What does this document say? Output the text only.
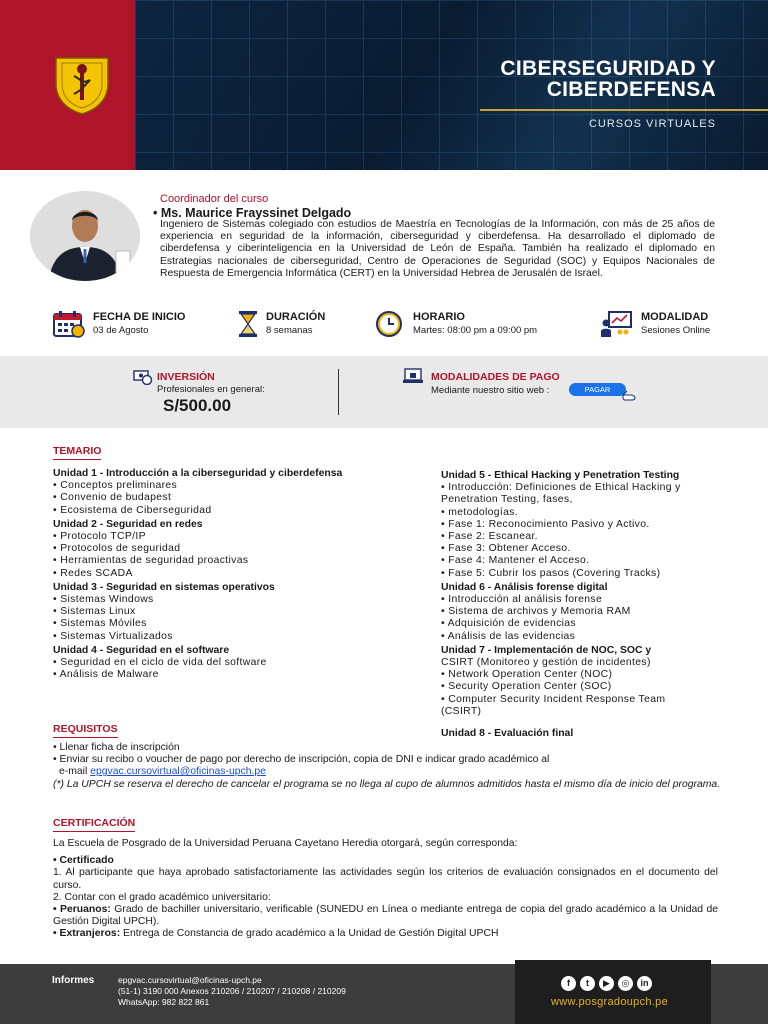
CIBERSEGURIDAD Y
CIBERDEFENSA
CURSOS VIRTUALES
Coordinador del curso
• Ms. Maurice Frayssinet Delgado
Ingeniero de Sistemas colegiado con estudios de Maestría en Tecnologías de la Información, con más de 25 años de experiencia en seguridad de la información, ciberseguridad y ciberdefensa. Ha desarrollado el diplomado de ciberdefensa y ciberinteligencia en la Universidad de León de España. También ha realizado el diplomado en Estrategias nacionales de ciberseguridad, Centro de Operaciones de Seguridad (SOC) y Equipos Nacionales de Respuesta de Emergencia Informática (CERT) en la Universidad Hebrea de Jerusalén de Israel.
FECHA DE INICIO
03 de Agosto
DURACIÓN
8 semanas
HORARIO
Martes: 08:00 pm a 09:00 pm
MODALIDAD
Sesiones Online
INVERSIÓN
Profesionales en general:
S/500.00
MODALIDADES DE PAGO
Mediante nuestro sitio web :	PAGAR
TEMARIO

Unidad 1 - Introducción a la ciberseguridad y ciberdefensa

• Conceptos preliminares

• Convenio de budapest

• Ecosistema de Ciberseguridad

Unidad 2 - Seguridad en redes

• Protocolo TCP/IP

• Protocolos de seguridad

• Herramientas de seguridad proactivas

• Redes SCADA

Unidad 3 - Seguridad en sistemas operativos

• Sistemas Windows

• Sistemas Linux

• Sistemas Móviles

• Sistemas Virtualizados

Unidad 4 - Seguridad en el software

• Seguridad en el ciclo de vida del software

• Análisis de Malware

Unidad 5 - Ethical Hacking y Penetration Testing

• Introducción: Definiciones de Ethical Hacking y

Penetration Testing, fases,

• metodologías.

• Fase 1: Reconocimiento Pasivo y Activo.

• Fase 2: Escanear.

• Fase 3: Obtener Acceso.

• Fase 4: Mantener el Acceso.

• Fase 5: Cubrir los pasos (Covering Tracks)

Unidad 6 - Análisis forense digital

• Introducción al análisis forense

• Sistema de archivos y Memoria RAM

• Adquisición de evidencias

• Análisis de las evidencias

Unidad 7 - Implementación de NOC, SOC y

CSIRT (Monitoreo y gestión de incidentes)

• Network Operation Center (NOC)

• Security Operation Center (SOC)

• Computer Security Incident Response Team

(CSIRT)

Unidad 8 - Evaluación final

REQUISITOS

• Llenar ficha de inscripción

• Enviar su recibo o voucher de pago por derecho de inscripción, copia de DNI e indicar grado académico al

e-mail epgvac.cursovirtual@oficinas-upch.pe

(*) La UPCH se reserva el derecho de cancelar el programa se no llega al cupo de alumnos admitidos hasta el mismo día de inicio del programa.

CERTIFICACIÓN

La Escuela de Posgrado de la Universidad Peruana Cayetano Heredia otorgará, según corresponda:

• Certificado

1. Al participante que haya aprobado satisfactoriamente las actividades según los criterios de evaluación consignados en el documento del curso.

2. Contar con el grado académico universitario:

• Peruanos: Grado de bachiller universitario, verificable (SUNEDU en Línea o mediante entrega de copia del grado académico a la Unidad de Gestión Digital UPCH).

• Extranjeros: Entrega de Constancia de grado académico a la Unidad de Gestión Digital UPCH

Informes	epgvac.cursovirtual@oficinas-upch.pe
(51-1) 3190 000 Anexos 210206 / 210207 / 210208 / 210209
WhatsApp: 982 822 861
f	t	▶	◎	in
www.posgradoupch.pe
